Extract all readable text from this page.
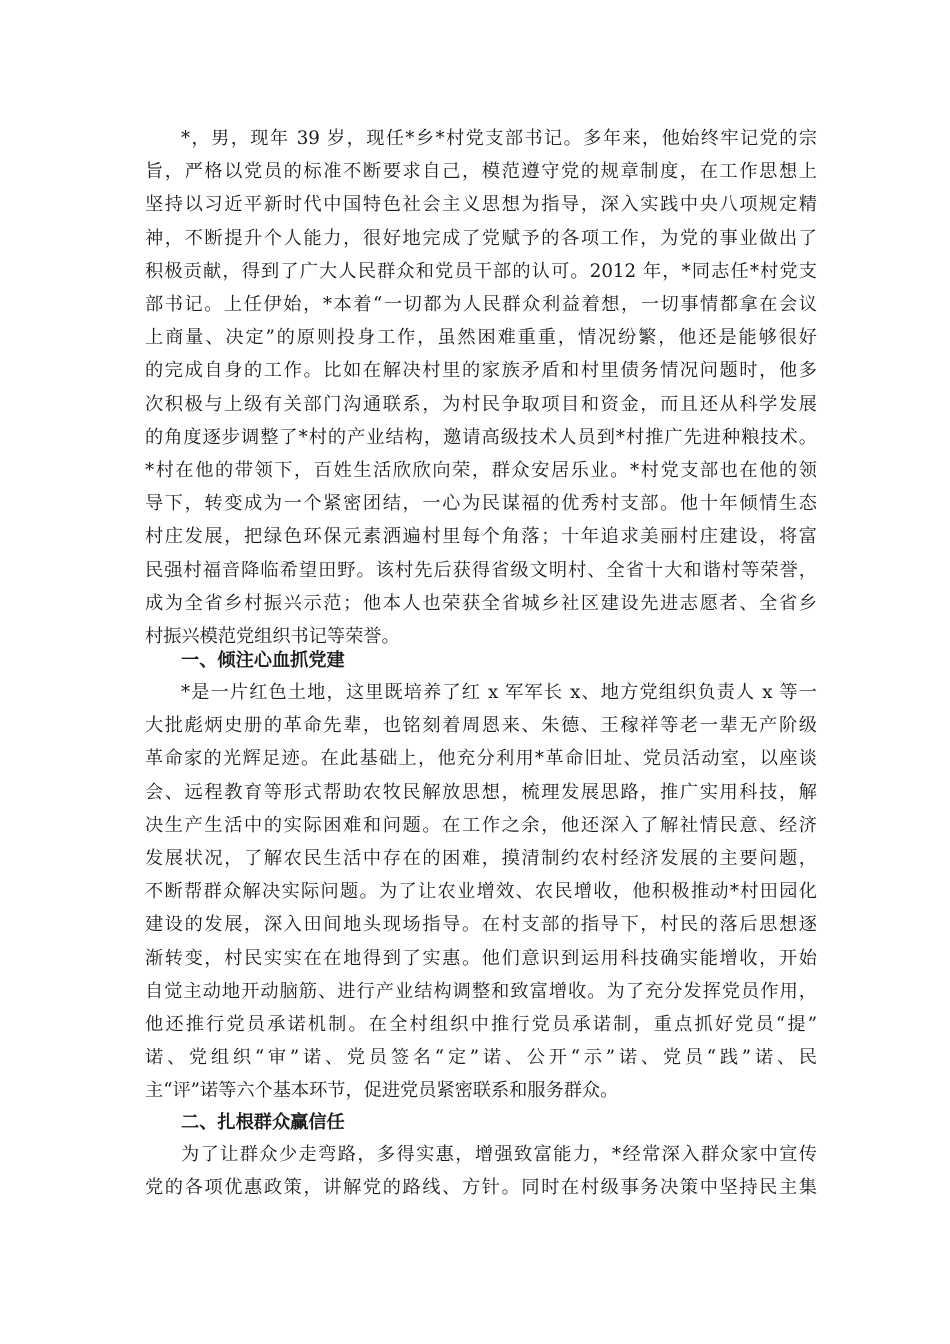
*，男，现年 39 岁，现任*乡*村党支部书记。多年来，他始终牢记党的宗
旨，严格以党员的标准不断要求自己，模范遵守党的规章制度，在工作思想上
坚持以习近平新时代中国特色社会主义思想为指导，深入实践中央八项规定精
神，不断提升个人能力，很好地完成了党赋予的各项工作，为党的事业做出了
积极贡献，得到了广大人民群众和党员干部的认可。2012 年，*同志任*村党支
部书记。上任伊始，*本着“一切都为人民群众利益着想，一切事情都拿在会议
上商量、决定”的原则投身工作，虽然困难重重，情况纷繁，他还是能够很好
的完成自身的工作。比如在解决村里的家族矛盾和村里债务情况问题时，他多
次积极与上级有关部门沟通联系，为村民争取项目和资金，而且还从科学发展
的角度逐步调整了*村的产业结构，邀请高级技术人员到*村推广先进种粮技术。
*村在他的带领下，百姓生活欣欣向荣，群众安居乐业。*村党支部也在他的领
导下，转变成为一个紧密团结，一心为民谋福的优秀村支部。他十年倾情生态
村庄发展，把绿色环保元素洒遍村里每个角落；十年追求美丽村庄建设，将富
民强村福音降临希望田野。该村先后获得省级文明村、全省十大和谐村等荣誉，
成为全省乡村振兴示范；他本人也荣获全省城乡社区建设先进志愿者、全省乡
村振兴模范党组织书记等荣誉。
一、倾注心血抓党建
*是一片红色土地，这里既培养了红 x 军军长 x、地方党组织负责人 x 等一
大批彪炳史册的革命先辈，也铭刻着周恩来、朱德、王稼祥等老一辈无产阶级
革命家的光辉足迹。在此基础上，他充分利用*革命旧址、党员活动室，以座谈
会、远程教育等形式帮助农牧民解放思想，梳理发展思路，推广实用科技，解
决生产生活中的实际困难和问题。在工作之余，他还深入了解社情民意、经济
发展状况，了解农民生活中存在的困难，摸清制约农村经济发展的主要问题，
不断帮群众解决实际问题。为了让农业增效、农民增收，他积极推动*村田园化
建设的发展，深入田间地头现场指导。在村支部的指导下，村民的落后思想逐
渐转变，村民实实在在地得到了实惠。他们意识到运用科技确实能增收，开始
自觉主动地开动脑筋、进行产业结构调整和致富增收。为了充分发挥党员作用，
他还推行党员承诺机制。在全村组织中推行党员承诺制，重点抓好党员“提”
诺、党组织“审”诺、党员签名“定”诺、公开“示”诺、党员“践”诺、民
主“评”诺等六个基本环节，促进党员紧密联系和服务群众。
二、扎根群众赢信任
为了让群众少走弯路，多得实惠，增强致富能力，*经常深入群众家中宣传
党的各项优惠政策，讲解党的路线、方针。同时在村级事务决策中坚持民主集
